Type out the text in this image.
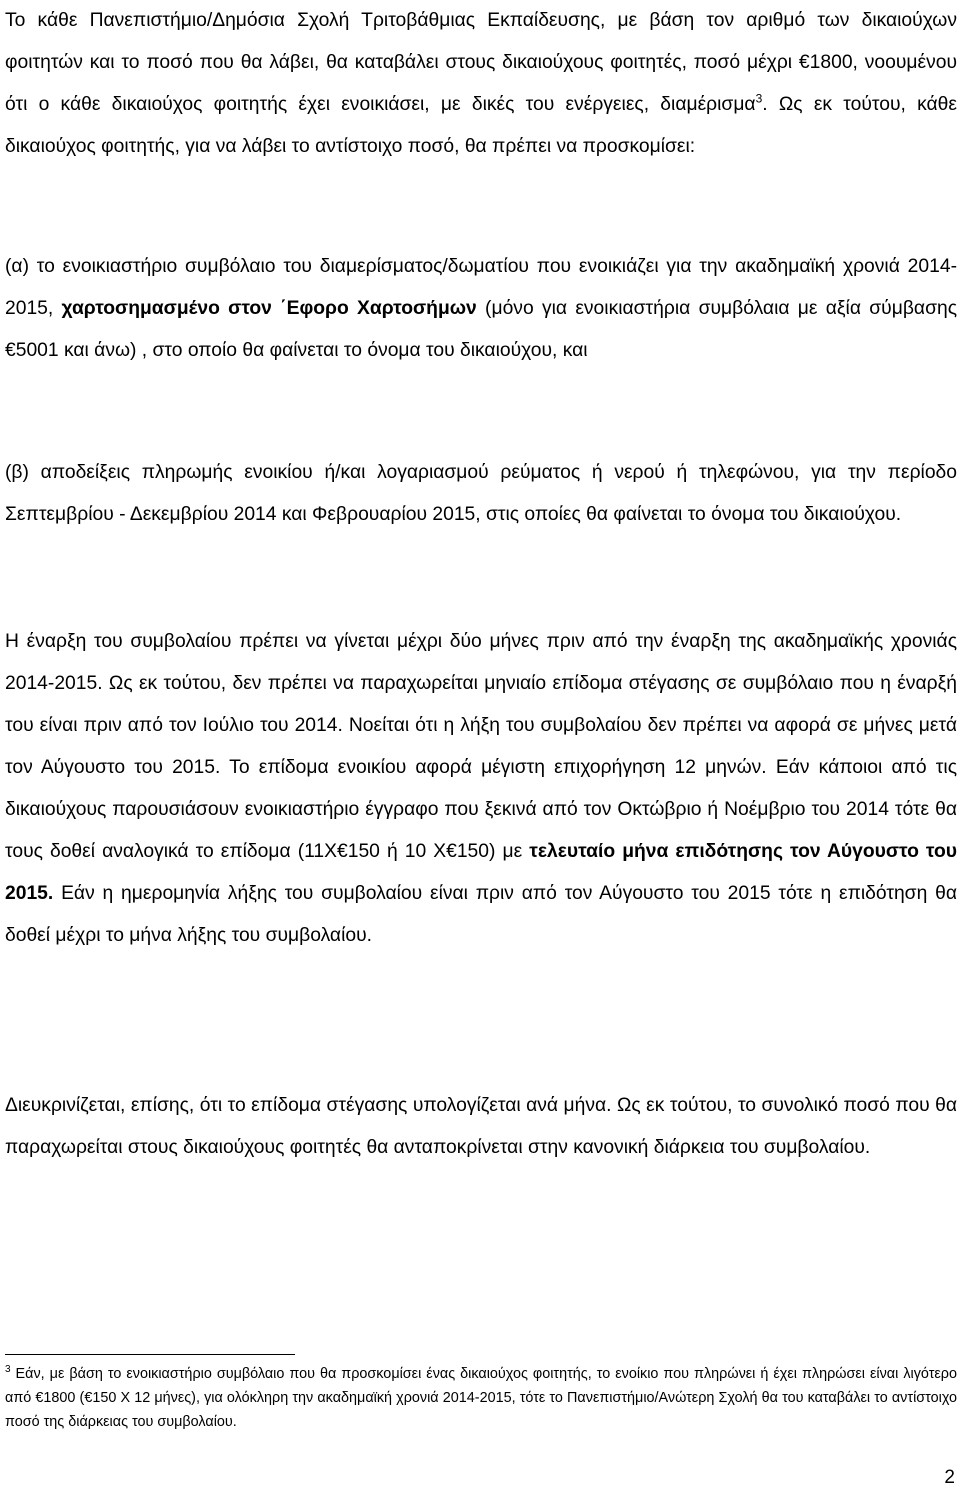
Το κάθε Πανεπιστήμιο/Δημόσια Σχολή Τριτοβάθμιας Εκπαίδευσης, με βάση τον αριθμό των δικαιούχων φοιτητών και το ποσό που θα λάβει, θα καταβάλει στους δικαιούχους φοιτητές, ποσό μέχρι €1800, νοουμένου ότι ο κάθε δικαιούχος φοιτητής έχει ενοικιάσει, με δικές του ενέργειες, διαμέρισμα$^3$. Ως εκ τούτου, κάθε δικαιούχος φοιτητής, για να λάβει το αντίστοιχο ποσό, θα πρέπει να προσκομίσει:

(α) το ενοικιαστήριο συμβόλαιο του διαμερίσματος/δωματίου που ενοικιάζει για την ακαδημαϊκή χρονιά 2014-2015, χαρτοσημασμένο στον ΄Εφορο Χαρτοσήμων (μόνο για ενοικιαστήρια συμβόλαια με αξία σύμβασης €5001 και άνω) , στο οποίο θα φαίνεται το όνομα του δικαιούχου, και

(β) αποδείξεις πληρωμής ενοικίου ή/και λογαριασμού ρεύματος ή νερού ή τηλεφώνου, για την περίοδο Σεπτεμβρίου - Δεκεμβρίου 2014 και Φεβρουαρίου 2015, στις οποίες θα φαίνεται το όνομα του δικαιούχου.

Η έναρξη του συμβολαίου πρέπει να γίνεται μέχρι δύο μήνες πριν από την έναρξη της ακαδημαϊκής χρονιάς 2014-2015. Ως εκ τούτου, δεν πρέπει να παραχωρείται μηνιαίο επίδομα στέγασης σε συμβόλαιο που η έναρξή του είναι πριν από τον Ιούλιο του 2014. Νοείται ότι η λήξη του συμβολαίου δεν πρέπει να αφορά σε μήνες μετά τον Αύγουστο του 2015. Το επίδομα ενοικίου αφορά μέγιστη επιχορήγηση 12 μηνών. Εάν κάποιοι από τις δικαιούχους παρουσιάσουν ενοικιαστήριο έγγραφο που ξεκινά από τον Οκτώβριο ή Νοέμβριο του 2014 τότε θα τους δοθεί αναλογικά το επίδομα (11Χ€150 ή 10 Χ€150) με τελευταίο μήνα επιδότησης τον Αύγουστο του 2015. Εάν η ημερομηνία λήξης του συμβολαίου είναι πριν από τον Αύγουστο του 2015 τότε η επιδότηση θα δοθεί μέχρι το μήνα λήξης του συμβολαίου.

Διευκρινίζεται, επίσης, ότι το επίδομα στέγασης υπολογίζεται ανά μήνα. Ως εκ τούτου, το συνολικό ποσό που θα παραχωρείται στους δικαιούχους φοιτητές θα ανταποκρίνεται στην κανονική διάρκεια του συμβολαίου.

$^3$ Εάν, με βάση το ενοικιαστήριο συμβόλαιο που θα προσκομίσει ένας δικαιούχος φοιτητής, το ενοίκιο που πληρώνει ή έχει πληρώσει είναι λιγότερο από €1800 (€150 Χ 12 μήνες), για ολόκληρη την ακαδημαϊκή χρονιά 2014-2015, τότε το Πανεπιστήμιο/Ανώτερη Σχολή θα του καταβάλει το αντίστοιχο ποσό της διάρκειας του συμβολαίου.

2
